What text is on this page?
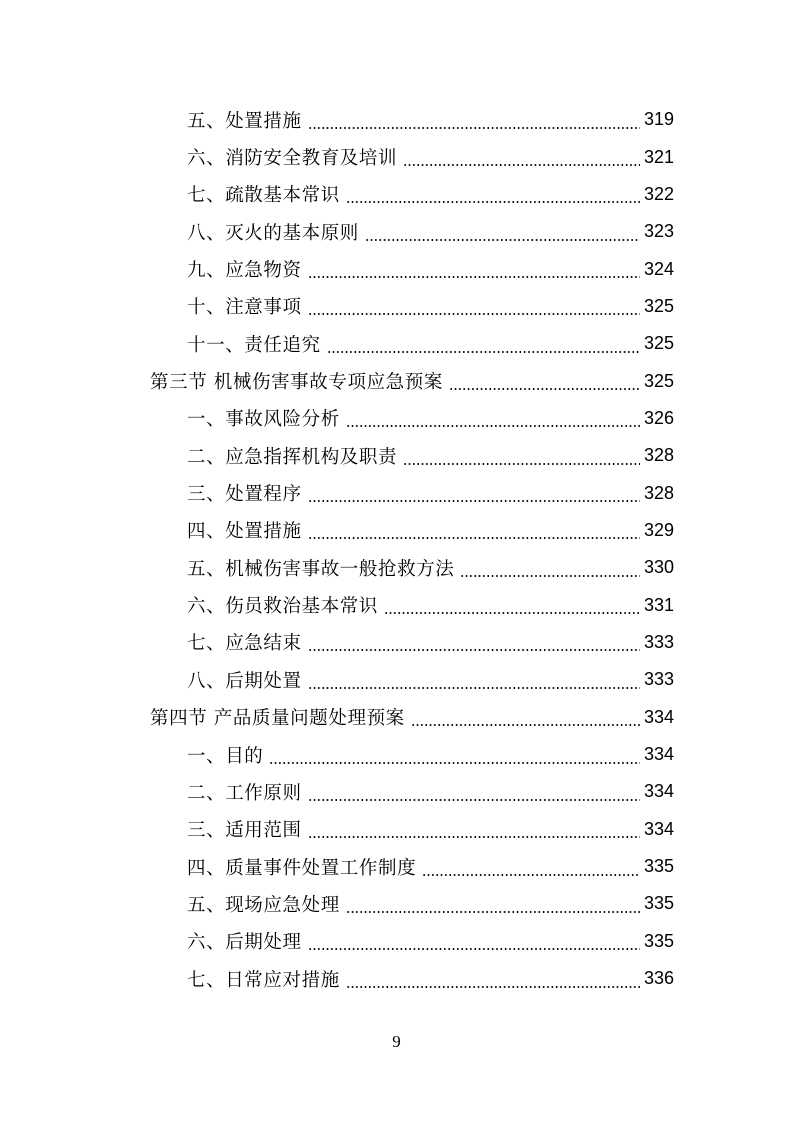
五、处置措施	319
六、消防安全教育及培训	321
七、疏散基本常识	322
八、灭火的基本原则	323
九、应急物资	324
十、注意事项	325
十一、责任追究	325
第三节 机械伤害事故专项应急预案	325
一、事故风险分析	326
二、应急指挥机构及职责	328
三、处置程序	328
四、处置措施	329
五、机械伤害事故一般抢救方法	330
六、伤员救治基本常识	331
七、应急结束	333
八、后期处置	333
第四节 产品质量问题处理预案	334
一、目的	334
二、工作原则	334
三、适用范围	334
四、质量事件处置工作制度	335
五、现场应急处理	335
六、后期处理	335
七、日常应对措施	336
9
